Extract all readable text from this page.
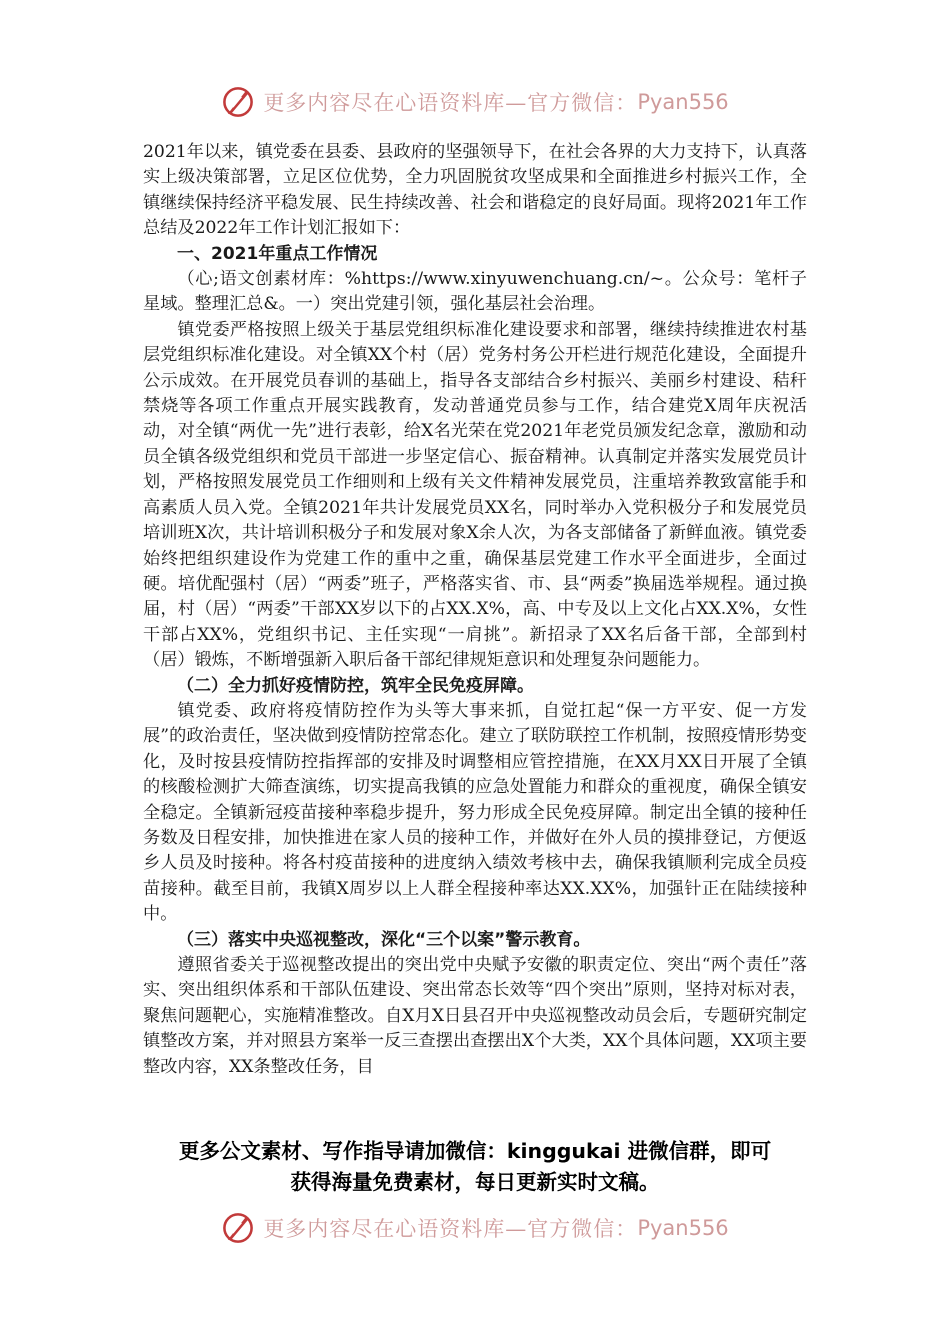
更多内容尽在心语资料库—官方微信： Pyan556

2021年以来，镇党委在县委、县政府的坚强领导下，在社会各界的大力支持下，认真落实上级决策部署，立足区位优势，全力巩固脱贫攻坚成果和全面推进乡村振兴工作，全镇继续保持经济平稳发展、民生持续改善、社会和谐稳定的良好局面。现将2021年工作总结及2022年工作计划汇报如下：

一、2021年重点工作情况

（心;语文创素材库：%https://www.xinyuwenchuang.cn/~。公众号：笔杆子星域。整理汇总&。一）突出党建引领，强化基层社会治理。

镇党委严格按照上级关于基层党组织标准化建设要求和部署，继续持续推进农村基层党组织标准化建设。对全镇XX个村（居）党务村务公开栏进行规范化建设，全面提升公示成效。在开展党员春训的基础上，指导各支部结合乡村振兴、美丽乡村建设、秸秆禁烧等各项工作重点开展实践教育，发动普通党员参与工作，结合建党X周年庆祝活动，对全镇“两优一先”进行表彰，给X名光荣在党2021年老党员颁发纪念章，激励和动员全镇各级党组织和党员干部进一步坚定信心、振奋精神。认真制定并落实发展党员计划，严格按照发展党员工作细则和上级有关文件精神发展党员，注重培养教致富能手和高素质人员入党。全镇2021年共计发展党员XX名，同时举办入党积极分子和发展党员培训班X次，共计培训积极分子和发展对象X余人次，为各支部储备了新鲜血液。镇党委始终把组织建设作为党建工作的重中之重，确保基层党建工作水平全面进步，全面过硬。培优配强村（居）“两委”班子，严格落实省、市、县“两委”换届选举规程。通过换届，村（居）“两委”干部XX岁以下的占XX.X%，高、中专及以上文化占XX.X%，女性干部占XX%，党组织书记、主任实现“一肩挑”。新招录了XX名后备干部，全部到村（居）锻炼，不断增强新入职后备干部纪律规矩意识和处理复杂问题能力。

（二）全力抓好疫情防控，筑牢全民免疫屏障。

镇党委、政府将疫情防控作为头等大事来抓，自觉扛起“保一方平安、促一方发展”的政治责任，坚决做到疫情防控常态化。建立了联防联控工作机制，按照疫情形势变化，及时按县疫情防控指挥部的安排及时调整相应管控措施，在XX月XX日开展了全镇的核酸检测扩大筛查演练，切实提高我镇的应急处置能力和群众的重视度，确保全镇安全稳定。全镇新冠疫苗接种率稳步提升，努力形成全民免疫屏障。制定出全镇的接种任务数及日程安排，加快推进在家人员的接种工作，并做好在外人员的摸排登记，方便返乡人员及时接种。将各村疫苗接种的进度纳入绩效考核中去，确保我镇顺利完成全员疫苗接种。截至目前，我镇X周岁以上人群全程接种率达XX.XX%，加强针正在陆续接种中。

（三）落实中央巡视整改，深化“三个以案”警示教育。

遵照省委关于巡视整改提出的突出党中央赋予安徽的职责定位、突出“两个责任”落实、突出组织体系和干部队伍建设、突出常态长效等“四个突出”原则，坚持对标对表，聚焦问题靶心，实施精准整改。自X月X日县召开中央巡视整改动员会后，专题研究制定镇整改方案，并对照县方案举一反三查摆出查摆出X个大类，XX个具体问题，XX项主要整改内容，XX条整改任务，目

更多公文素材、写作指导请加微信：kinggukai 进微信群，即可
获得海量免费素材，每日更新实时文稿。
更多内容尽在心语资料库—官方微信： Pyan556
